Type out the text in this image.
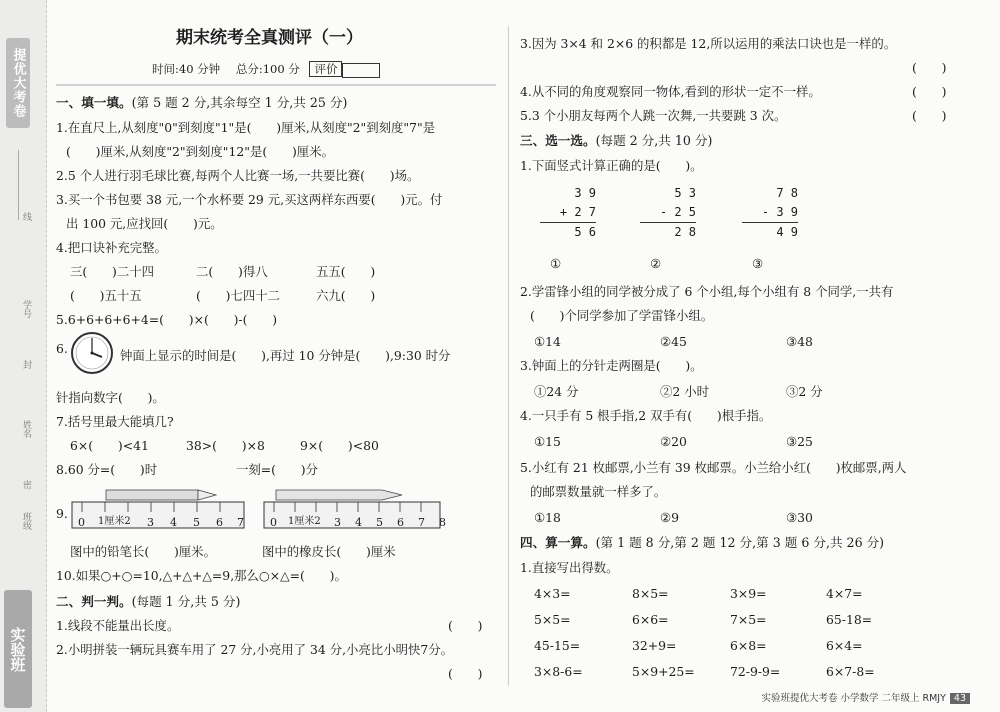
提优大考卷
线
学号
封
姓名
密
班级
实验班
期末统考全真测评（一）
时间:40 分钟 总分:100 分 评价
一、填一填。(第 5 题 2 分,其余每空 1 分,共 25 分)
1.在直尺上,从刻度"0"到刻度"1"是(　　)厘米,从刻度"2"到刻度"7"是
(　　)厘米,从刻度"2"到刻度"12"是(　　)厘米。
2.5 个人进行羽毛球比赛,每两个人比赛一场,一共要比赛(　　)场。
3.买一个书包要 38 元,一个水杯要 29 元,买这两样东西要(　　)元。付
出 100 元,应找回(　　)元。
4.把口诀补充完整。
三(　　)二十四	二(　　)得八	五五(　　)
(　　)五十五	(　　)七四十二	六九(　　)
5.6+6+6+6+4=(　　)×(　　)-(　　)
6.	钟面上显示的时间是(　　),再过 10 分钟是(　　),9:30 时分
针指向数字(　　)。
7.括号里最大能填几?
6×(　　)<41	38>(　　)×8	9×(　　)<80
8.60 分=(　　)时	一刻=(　　)分
9.
0 1厘米2 3 4 5 6 7 0 1厘米2 3 4 5 6 7 8
图中的铅笔长(　　)厘米。	图中的橡皮长(　　)厘米
10.如果○+○=10,△+△+△=9,那么○×△=(　　)。
二、判一判。(每题 1 分,共 5 分)
1.线段不能量出长度。	(　　)
2.小明拼装一辆玩具赛车用了 27 分,小亮用了 34 分,小亮比小明快7分。
(　　)
3.因为 3×4 和 2×6 的积都是 12,所以运用的乘法口诀也是一样的。
(　　)
4.从不同的角度观察同一物体,看到的形状一定不一样。	(　　)
5.3 个小朋友每两个人跳一次舞,一共要跳 3 次。	(　　)
三、选一选。(每题 2 分,共 10 分)
1.下面竖式计算正确的是(　　)。
3 9
+ 2 7
5 6
5 3
- 2 5
2 8
7 8
- 3 9
4 9
①	②	③
2.学雷锋小组的同学被分成了 6 个小组,每个小组有 8 个同学,一共有
(　　)个同学参加了学雷锋小组。
①14	②45	③48
3.钟面上的分针走两圈是(　　)。
①24 分	②2 小时	③2 分
4.一只手有 5 根手指,2 双手有(　　)根手指。
①15	②20	③25
5.小红有 21 枚邮票,小兰有 39 枚邮票。小兰给小红(　　)枚邮票,两人
的邮票数量就一样多了。
①18	②9	③30
四、算一算。(第 1 题 8 分,第 2 题 12 分,第 3 题 6 分,共 26 分)
1.直接写出得数。
4×3=	8×5=	3×9=	4×7=
5×5=	6×6=	7×5=	65-18=
45-15=	32+9=	6×8=	6×4=
3×8-6=	5×9+25=	72-9-9=	6×7-8=
实验班提优大考卷 小学数学 二年级上 RMJY 43
